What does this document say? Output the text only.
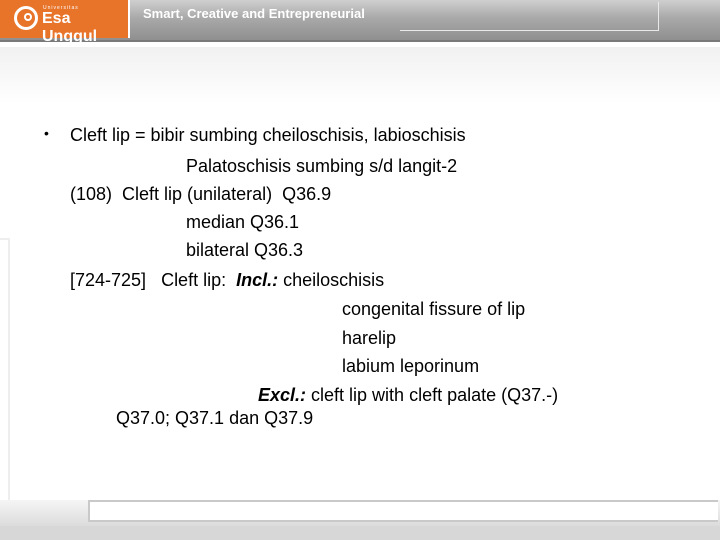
Universitas
Esa Unggul
Smart, Creative and Entrepreneurial
• Cleft lip = bibir sumbing cheiloschisis, labioschisis
Palatoschisis sumbing s/d langit-2
(108)  Cleft lip (unilateral)  Q36.9
median Q36.1
bilateral Q36.3
[724-725]   Cleft lip:  Incl.: cheiloschisis
congenital fissure of lip
harelip
labium leporinum
Excl.: cleft lip with cleft palate (Q37.-)
Q37.0; Q37.1 dan Q37.9
